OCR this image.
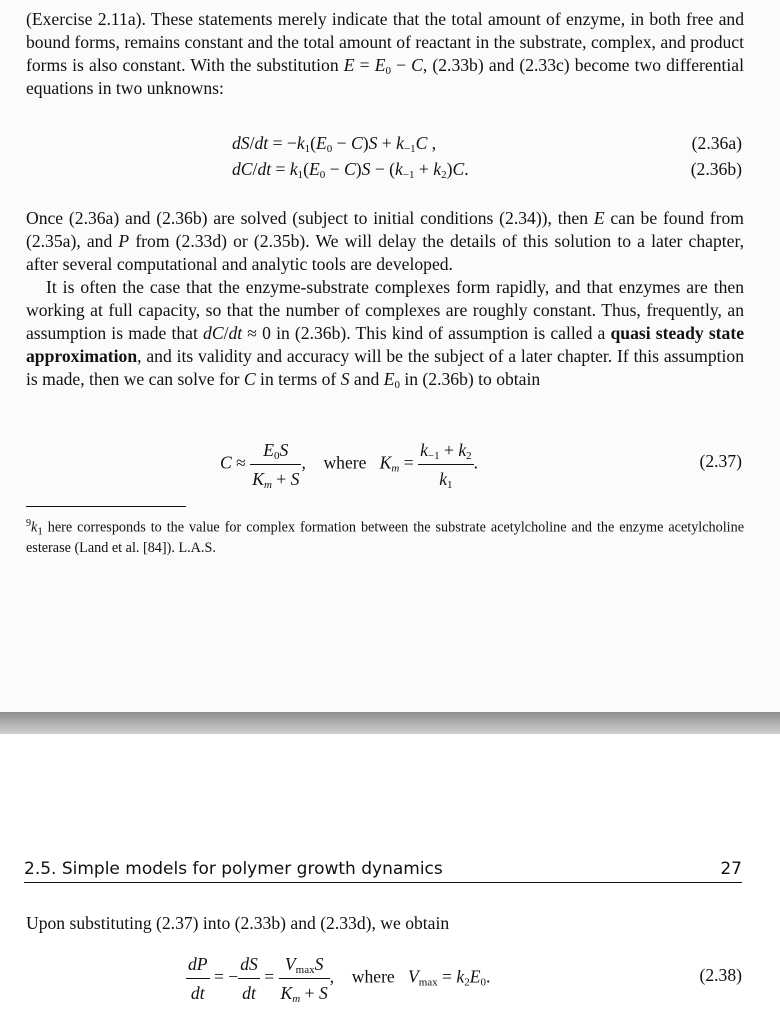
(Exercise 2.11a). These statements merely indicate that the total amount of enzyme, in both free and bound forms, remains constant and the total amount of reactant in the substrate, complex, and product forms is also constant. With the substitution $E = E_0 - C$, (2.33b) and (2.33c) become two differential equations in two unknowns:

$dS/dt = -k_1(E_0 - C)S + k_{-1}C$ ,	(2.36a)
$dC/dt = k_1(E_0 - C)S - (k_{-1} + k_2)C$.	(2.36b)

Once (2.36a) and (2.36b) are solved (subject to initial conditions (2.34)), then E can be found from (2.35a), and P from (2.33d) or (2.35b). We will delay the details of this solution to a later chapter, after several computational and analytic tools are developed.

It is often the case that the enzyme-substrate complexes form rapidly, and that enzymes are then working at full capacity, so that the number of complexes are roughly constant. Thus, frequently, an assumption is made that dC/dt ≈ 0 in (2.36b). This kind of assumption is called a quasi steady state approximation, and its validity and accuracy will be the subject of a later chapter. If this assumption is made, then we can solve for C in terms of S and $E_0$ in (2.36b) to obtain

$C \approx \frac{E_0S}{K_m + S}$ ,    where $K_m = \frac{k_{-1} + k_2}{k_1}$ .	(2.37)
$^9k_1$ here corresponds to the value for complex formation between the substrate acetylcholine and the enzyme acetylcholine esterase (Land et al. [84]). L.A.S.
2.5. Simple models for polymer growth dynamics	27

Upon substituting (2.37) into (2.33b) and (2.33d), we obtain

$\frac{dP}{dt}$ = − $\frac{dS}{dt} = \frac{V_{max}S}{K_m + S}$ ,    where $V_{max} = k_2E_0$.	(2.38)
